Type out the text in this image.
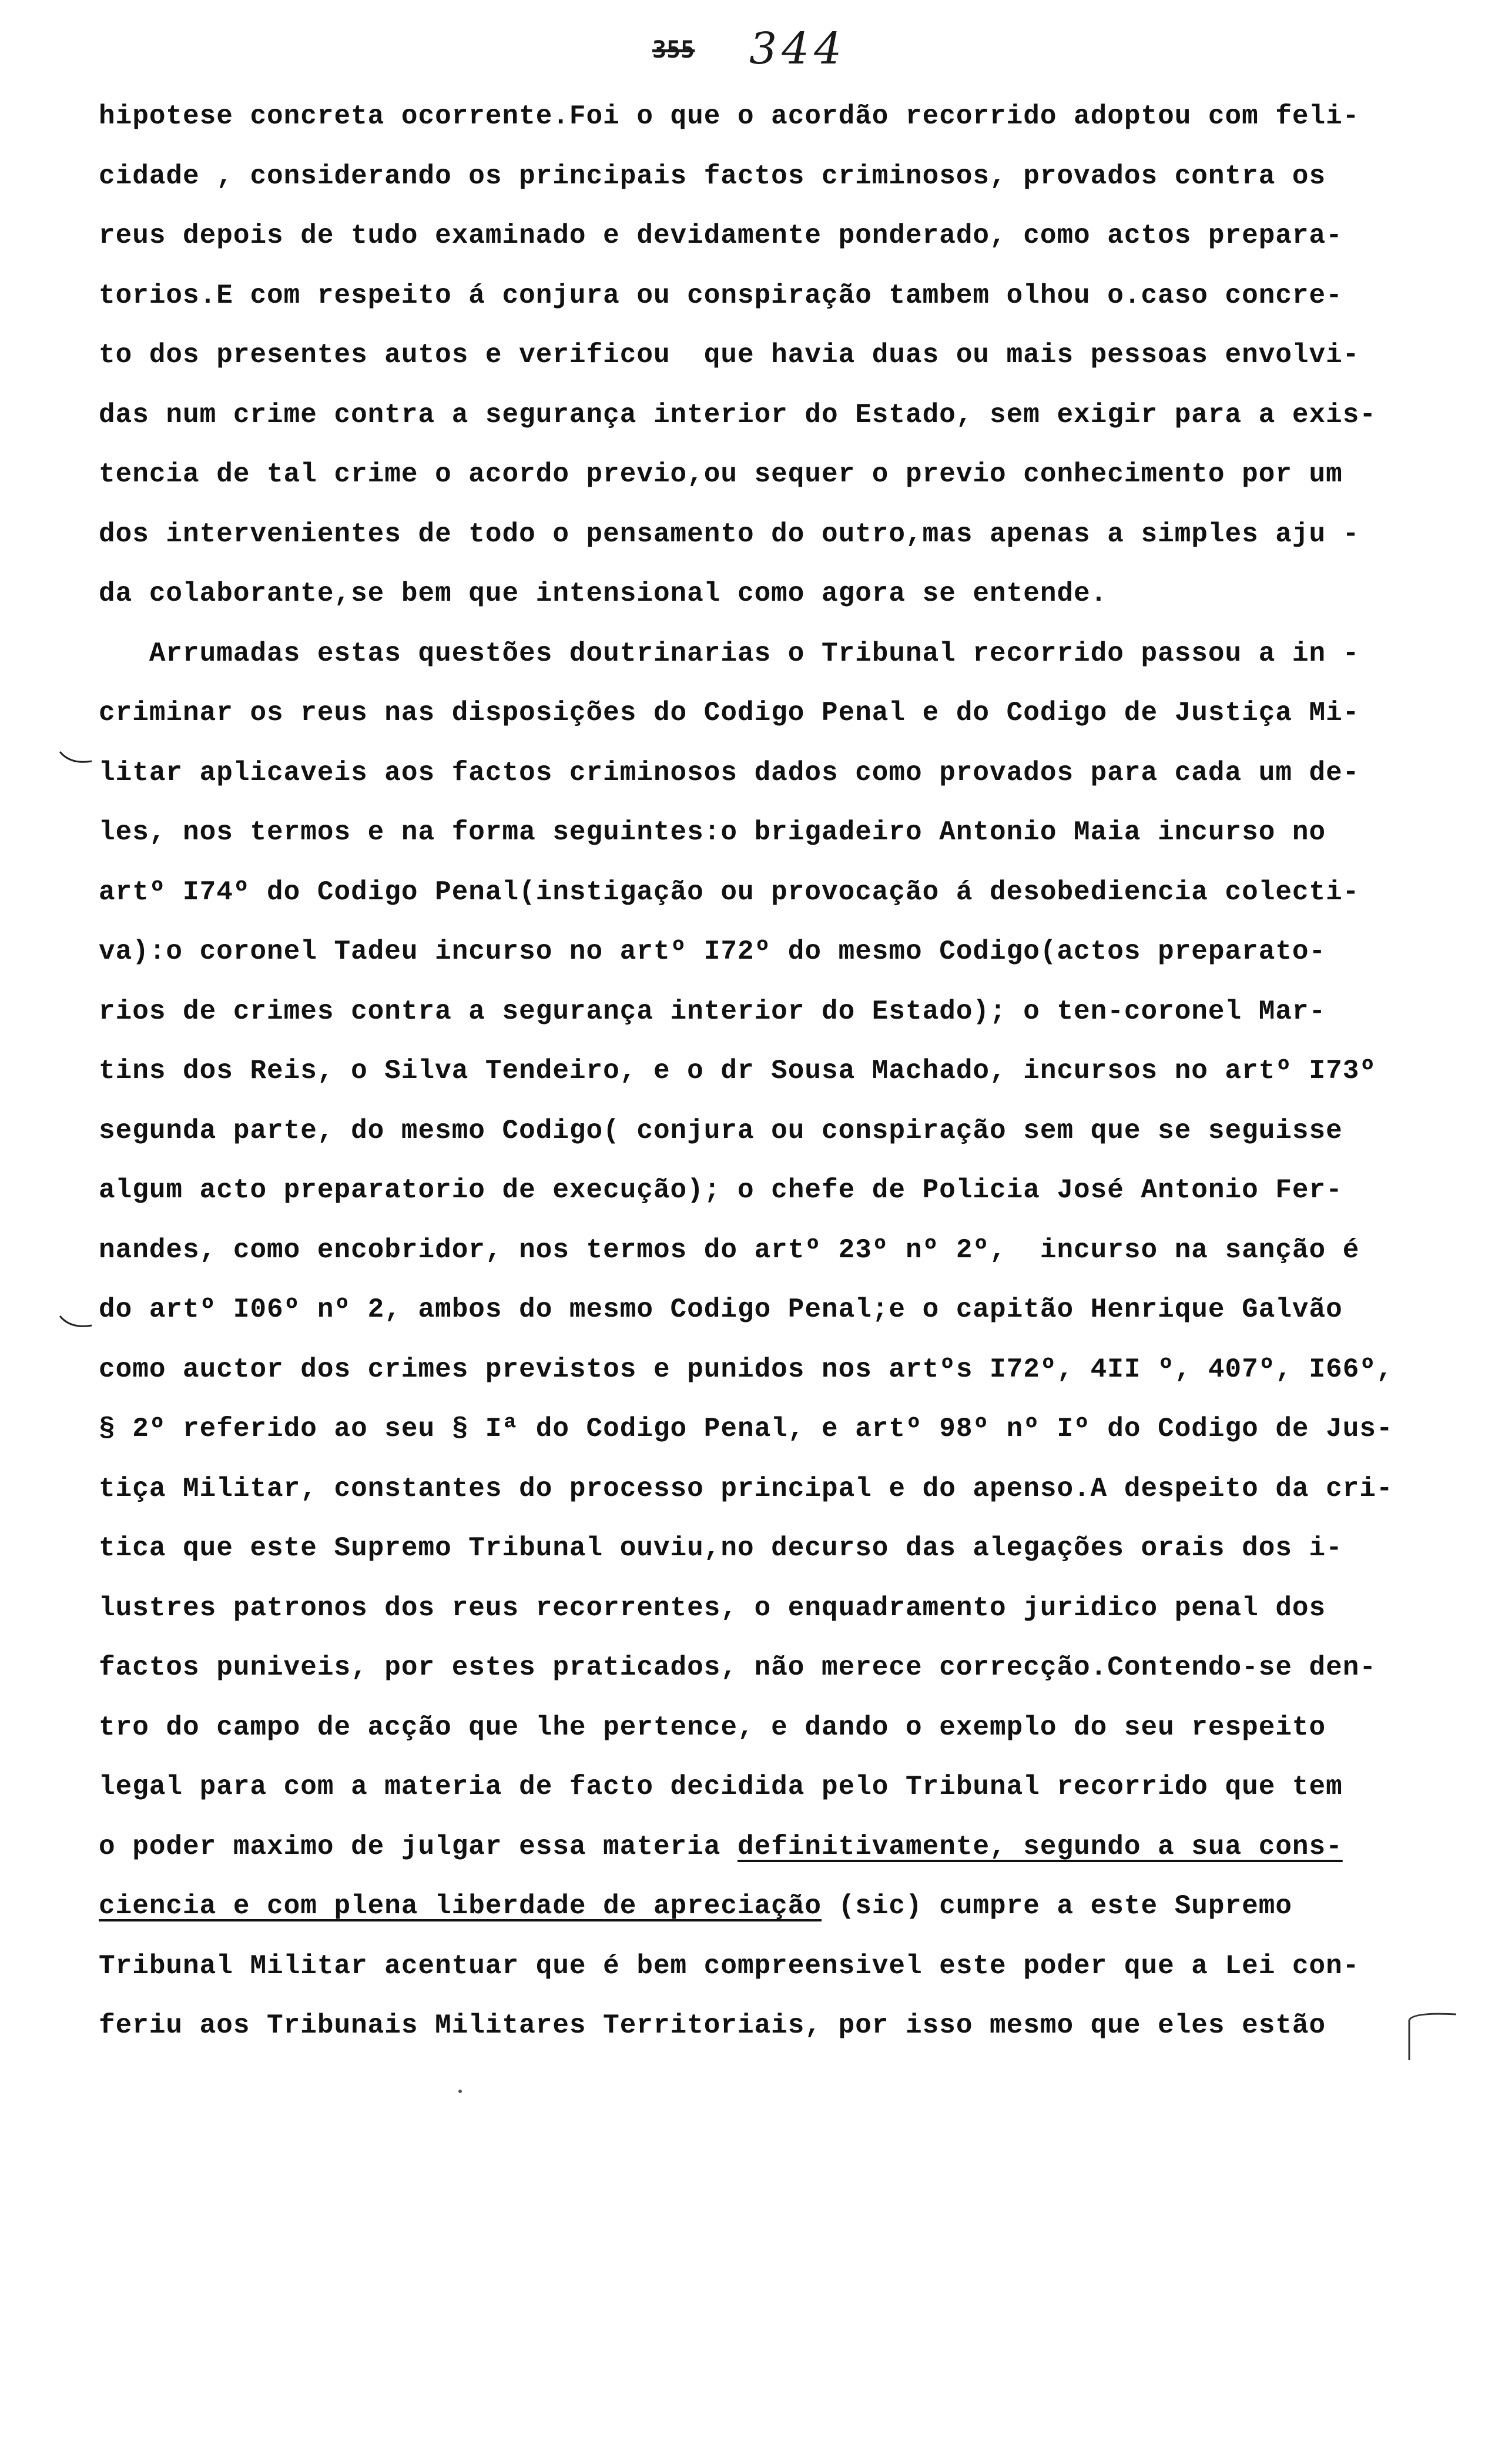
355 344
hipotese concreta ocorrente.Foi o que o acordão recorrido adoptou com feli-
cidade , considerando os principais factos criminosos, provados contra os
reus depois de tudo examinado e devidamente ponderado, como actos prepara-
torios.E com respeito á conjura ou conspiração tambem olhou o.caso concre-
to dos presentes autos e verificou  que havia duas ou mais pessoas envolvi-
das num crime contra a segurança interior do Estado, sem exigir para a exis-
tencia de tal crime o acordo previo,ou sequer o previo conhecimento por um
dos intervenientes de todo o pensamento do outro,mas apenas a simples aju -
da colaborante,se bem que intensional como agora se entende.
Arrumadas estas questões doutrinarias o Tribunal recorrido passou a in -
criminar os reus nas disposições do Codigo Penal e do Codigo de Justiça Mi-
litar aplicaveis aos factos criminosos dados como provados para cada um de-
les, nos termos e na forma seguintes:o brigadeiro Antonio Maia incurso no
artº I74º do Codigo Penal(instigação ou provocação á desobediencia colecti-
va):o coronel Tadeu incurso no artº I72º do mesmo Codigo(actos preparato-
rios de crimes contra a segurança interior do Estado); o ten-coronel Mar-
tins dos Reis, o Silva Tendeiro, e o dr Sousa Machado, incursos no artº I73º
segunda parte, do mesmo Codigo( conjura ou conspiração sem que se seguisse
algum acto preparatorio de execução); o chefe de Policia José Antonio Fer-
nandes, como encobridor, nos termos do artº 23º nº 2º,  incurso na sanção é
do artº I06º nº 2, ambos do mesmo Codigo Penal;e o capitão Henrique Galvão
como auctor dos crimes previstos e punidos nos artºs I72º, 4II º, 407º, I66º,
§ 2º referido ao seu § Iª do Codigo Penal, e artº 98º nº Iº do Codigo de Jus-
tiça Militar, constantes do processo principal e do apenso.A despeito da cri-
tica que este Supremo Tribunal ouviu,no decurso das alegações orais dos i-
lustres patronos dos reus recorrentes, o enquadramento juridico penal dos
factos puniveis, por estes praticados, não merece correcção.Contendo-se den-
tro do campo de acção que lhe pertence, e dando o exemplo do seu respeito
legal para com a materia de facto decidida pelo Tribunal recorrido que tem
o poder maximo de julgar essa materia definitivamente, segundo a sua cons-
ciencia e com plena liberdade de apreciação (sic) cumpre a este Supremo
Tribunal Militar acentuar que é bem compreensivel este poder que a Lei con-
feriu aos Tribunais Militares Territoriais, por isso mesmo que eles estão
